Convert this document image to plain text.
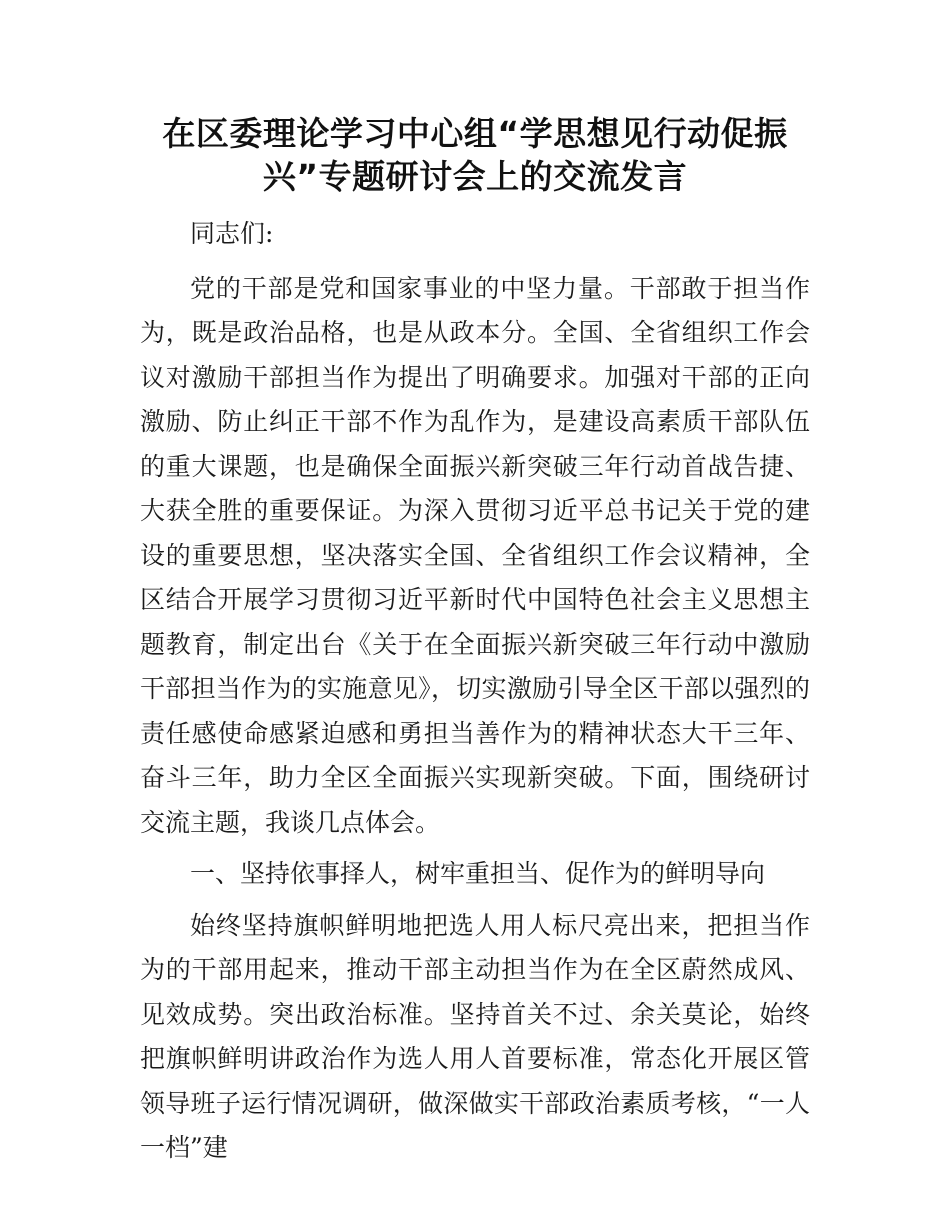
在区委理论学习中心组“学思想见行动促振
兴”专题研讨会上的交流发言

同志们:

党的干部是党和国家事业的中坚力量。干部敢于担当作为，既是政治品格，也是从政本分。全国、全省组织工作会议对激励干部担当作为提出了明确要求。加强对干部的正向激励、防止纠正干部不作为乱作为，是建设高素质干部队伍的重大课题，也是确保全面振兴新突破三年行动首战告捷、大获全胜的重要保证。为深入贯彻习近平总书记关于党的建设的重要思想，坚决落实全国、全省组织工作会议精神，全区结合开展学习贯彻习近平新时代中国特色社会主义思想主题教育，制定出台《关于在全面振兴新突破三年行动中激励干部担当作为的实施意见》，切实激励引导全区干部以强烈的责任感使命感紧迫感和勇担当善作为的精神状态大干三年、奋斗三年，助力全区全面振兴实现新突破。下面，围绕研讨交流主题，我谈几点体会。

一、坚持依事择人，树牢重担当、促作为的鲜明导向

始终坚持旗帜鲜明地把选人用人标尺亮出来，把担当作为的干部用起来，推动干部主动担当作为在全区蔚然成风、见效成势。突出政治标准。坚持首关不过、余关莫论，始终把旗帜鲜明讲政治作为选人用人首要标准，常态化开展区管领导班子运行情况调研，做深做实干部政治素质考核，“一人一档”建
